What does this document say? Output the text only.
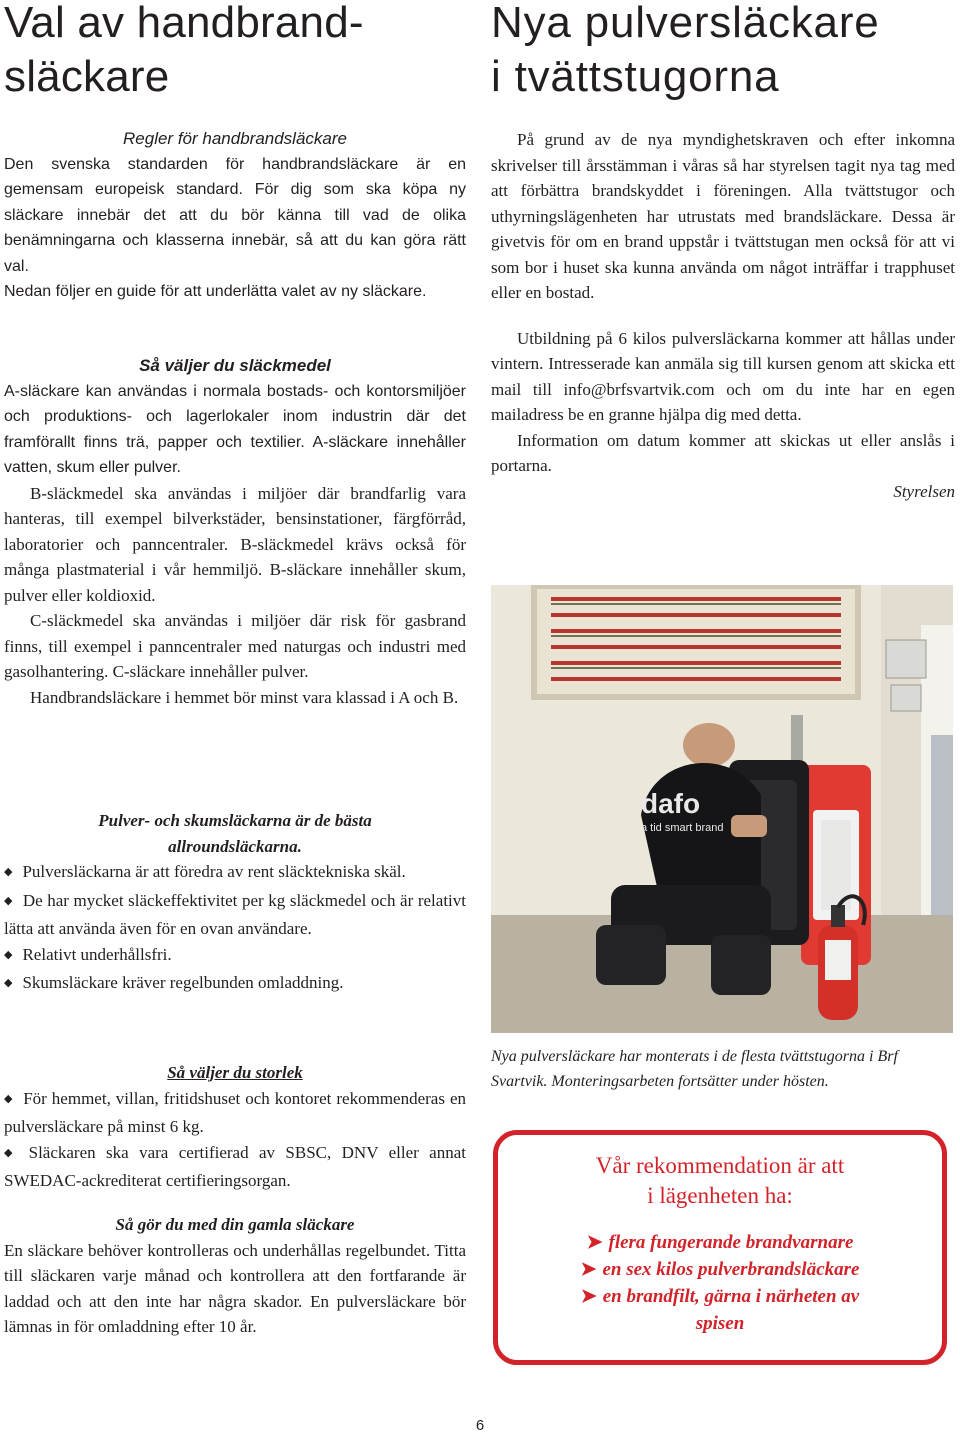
Val av handbrand-
släckare

Regler för handbrandsläckare

Den svenska standarden för handbrandsläckare är en gemensam europeisk standard. För dig som ska köpa ny släckare innebär det att du bör känna till vad de olika benämningarna och klasserna innebär, så att du kan göra rätt val.

Nedan följer en guide för att underlätta valet av ny släckare.

Så väljer du släckmedel

A-släckare kan användas i normala bostads- och kontorsmiljöer och produktions- och lagerlokaler inom industrin där det framförallt finns trä, papper och textilier. A-släckare innehåller vatten, skum eller pulver.

B-släckmedel ska användas i miljöer där brandfarlig vara hanteras, till exempel bilverkstäder, bensinstationer, färgförråd, laboratorier och panncentraler. B-släckmedel krävs också för många plastmaterial i vår hemmiljö. B-släckare innehåller skum, pulver eller koldioxid.

C-släckmedel ska användas i miljöer där risk för gasbrand finns, till exempel i panncentraler med naturgas och industri med gasolhantering. C-släckare innehåller pulver.

Handbrandsläckare i hemmet bör minst vara klassad i A och B.

Pulver- och skumsläckarna är de bästa allroundsläckarna.

◆ Pulversläckarna är att föredra av rent släcktekniska skäl.
◆ De har mycket släckeffektivitet per kg släckmedel och är relativt lätta att använda även för en ovan användare.
◆ Relativt underhållsfri.
◆ Skumsläckare kräver regelbunden omladdning.

Så väljer du storlek

◆ För hemmet, villan, fritidshuset och kontoret rekommenderas en pulversläckare på minst 6 kg.
◆ Släckaren ska vara certifierad av SBSC, DNV eller annat SWEDAC-ackrediterat certifieringsorgan.

Så gör du med din gamla släckare

En släckare behöver kontrolleras och underhållas regelbundet. Titta till släckaren varje månad och kontrollera att den fortfarande är laddad och att den inte har några skador. En pulversläckare bör lämnas in för omladdning efter 10 år.

Nya pulversläckare
i tvättstugorna

På grund av de nya myndighetskraven och efter inkomna skrivelser till årsstämman i våras så har styrelsen tagit nya tag med att förbättra brandskyddet i föreningen. Alla tvättstugor och uthyrningslägenheten har utrustats med brandsläckare. Dessa är givetvis för om en brand uppstår i tvättstugan men också för att vi som bor i huset ska kunna använda om något inträffar i trapphuset eller en bostad.

Utbildning på 6 kilos pulversläckarna kommer att hållas under vintern. Intresserade kan anmäla sig till kursen genom att skicka ett mail till info@brfsvartvik.com och om du inte har en egen mailadress be en granne hjälpa dig med detta.

Information om datum kommer att skickas ut eller anslås i portarna.

Styrelsen

dafo
a tid smart brand

Nya pulversläckare har monterats i de flesta tvättstugorna i Brf Svartvik. Monteringsarbeten fortsätter under hösten.

Vår rekommendation är att
i lägenheten ha:

➤ flera fungerande brandvarnare
➤ en sex kilos pulverbrandsläckare
➤ en brandfilt, gärna i närheten av spisen
6
